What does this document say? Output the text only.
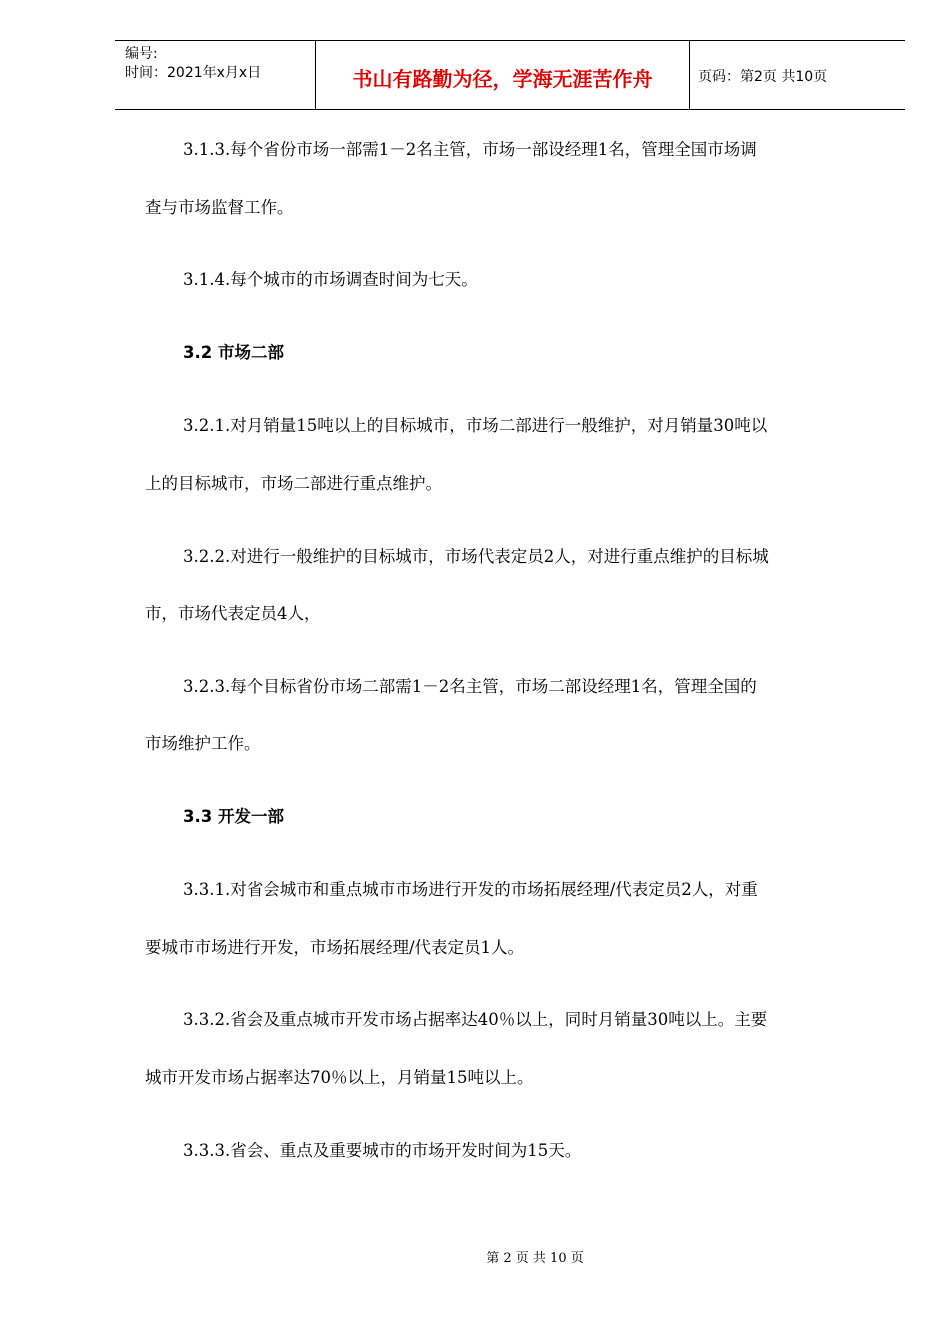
编号:
时间：2021年x月x日	书山有路勤为径，学海无涯苦作舟	页码：第2页 共10页
3.1.3.每个省份市场一部需1－2名主管，市场一部设经理1名，管理全国市场调
查与市场监督工作。
3.1.4.每个城市的市场调查时间为七天。
3.2 市场二部
3.2.1.对月销量15吨以上的目标城市，市场二部进行一般维护，对月销量30吨以
上的目标城市，市场二部进行重点维护。
3.2.2.对进行一般维护的目标城市，市场代表定员2人，对进行重点维护的目标城
市，市场代表定员4人，
3.2.3.每个目标省份市场二部需1－2名主管，市场二部设经理1名，管理全国的
市场维护工作。
3.3 开发一部
3.3.1.对省会城市和重点城市市场进行开发的市场拓展经理/代表定员2人，对重
要城市市场进行开发，市场拓展经理/代表定员1人。
3.3.2.省会及重点城市开发市场占据率达40％以上，同时月销量30吨以上。主要
城市开发市场占据率达70％以上，月销量15吨以上。
3.3.3.省会、重点及重要城市的市场开发时间为15天。
第 2 页 共 10 页
